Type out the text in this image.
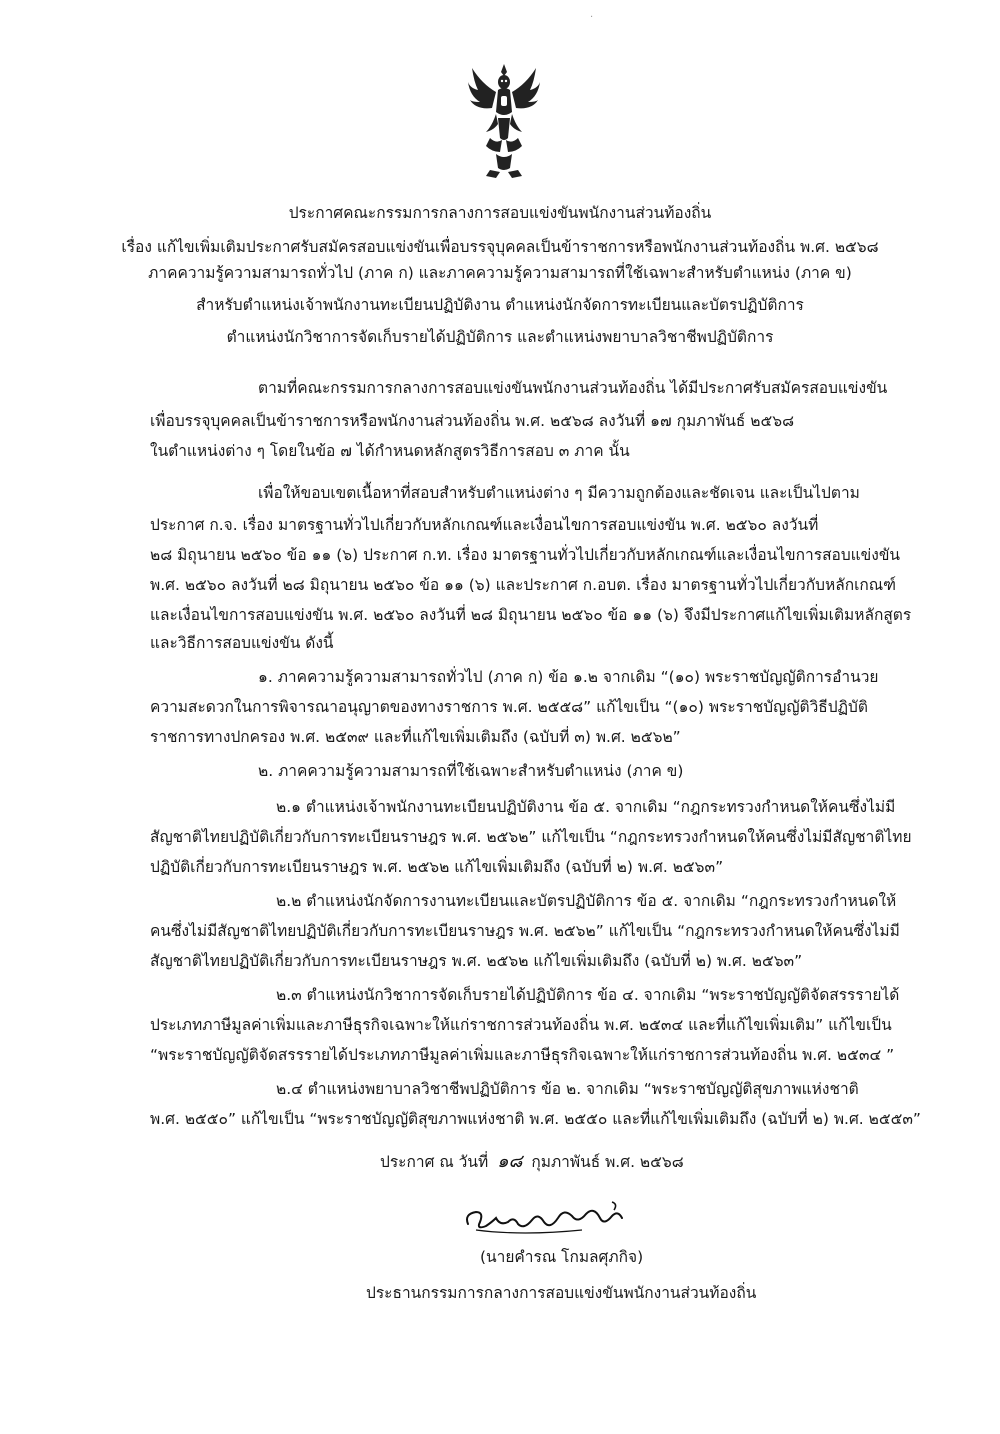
·
ประกาศคณะกรรมการกลางการสอบแข่งขันพนักงานส่วนท้องถิ่น
เรื่อง แก้ไขเพิ่มเติมประกาศรับสมัครสอบแข่งขันเพื่อบรรจุบุคคลเป็นข้าราชการหรือพนักงานส่วนท้องถิ่น พ.ศ. ๒๕๖๘
ภาคความรู้ความสามารถทั่วไป (ภาค ก) และภาคความรู้ความสามารถที่ใช้เฉพาะสำหรับตำแหน่ง (ภาค ข)
สำหรับตำแหน่งเจ้าพนักงานทะเบียนปฏิบัติงาน ตำแหน่งนักจัดการทะเบียนและบัตรปฏิบัติการ
ตำแหน่งนักวิชาการจัดเก็บรายได้ปฏิบัติการ และตำแหน่งพยาบาลวิชาชีพปฏิบัติการ
ตามที่คณะกรรมการกลางการสอบแข่งขันพนักงานส่วนท้องถิ่น ได้มีประกาศรับสมัครสอบแข่งขัน
เพื่อบรรจุบุคคลเป็นข้าราชการหรือพนักงานส่วนท้องถิ่น พ.ศ. ๒๕๖๘ ลงวันที่ ๑๗ กุมภาพันธ์ ๒๕๖๘
ในตำแหน่งต่าง ๆ โดยในข้อ ๗ ได้กำหนดหลักสูตรวิธีการสอบ ๓ ภาค นั้น
เพื่อให้ขอบเขตเนื้อหาที่สอบสำหรับตำแหน่งต่าง ๆ มีความถูกต้องและชัดเจน และเป็นไปตาม
ประกาศ ก.จ. เรื่อง มาตรฐานทั่วไปเกี่ยวกับหลักเกณฑ์และเงื่อนไขการสอบแข่งขัน พ.ศ. ๒๕๖๐ ลงวันที่
๒๘ มิถุนายน ๒๕๖๐ ข้อ ๑๑ (๖) ประกาศ ก.ท. เรื่อง มาตรฐานทั่วไปเกี่ยวกับหลักเกณฑ์และเงื่อนไขการสอบแข่งขัน
พ.ศ. ๒๕๖๐ ลงวันที่ ๒๘ มิถุนายน ๒๕๖๐ ข้อ ๑๑ (๖) และประกาศ ก.อบต. เรื่อง มาตรฐานทั่วไปเกี่ยวกับหลักเกณฑ์
และเงื่อนไขการสอบแข่งขัน พ.ศ. ๒๕๖๐ ลงวันที่ ๒๘ มิถุนายน ๒๕๖๐ ข้อ ๑๑ (๖) จึงมีประกาศแก้ไขเพิ่มเติมหลักสูตร
และวิธีการสอบแข่งขัน ดังนี้
๑. ภาคความรู้ความสามารถทั่วไป (ภาค ก) ข้อ ๑.๒ จากเดิม “(๑๐) พระราชบัญญัติการอำนวย
ความสะดวกในการพิจารณาอนุญาตของทางราชการ พ.ศ. ๒๕๕๘” แก้ไขเป็น “(๑๐) พระราชบัญญัติวิธีปฏิบัติ
ราชการทางปกครอง พ.ศ. ๒๕๓๙ และที่แก้ไขเพิ่มเติมถึง (ฉบับที่ ๓) พ.ศ. ๒๕๖๒”
๒. ภาคความรู้ความสามารถที่ใช้เฉพาะสำหรับตำแหน่ง (ภาค ข)
๒.๑ ตำแหน่งเจ้าพนักงานทะเบียนปฏิบัติงาน ข้อ ๕. จากเดิม “กฎกระทรวงกำหนดให้คนซึ่งไม่มี
สัญชาติไทยปฏิบัติเกี่ยวกับการทะเบียนราษฎร พ.ศ. ๒๕๖๒” แก้ไขเป็น “กฎกระทรวงกำหนดให้คนซึ่งไม่มีสัญชาติไทย
ปฏิบัติเกี่ยวกับการทะเบียนราษฎร พ.ศ. ๒๕๖๒ แก้ไขเพิ่มเติมถึง (ฉบับที่ ๒) พ.ศ. ๒๕๖๓”
๒.๒ ตำแหน่งนักจัดการงานทะเบียนและบัตรปฏิบัติการ ข้อ ๕. จากเดิม “กฎกระทรวงกำหนดให้
คนซึ่งไม่มีสัญชาติไทยปฏิบัติเกี่ยวกับการทะเบียนราษฎร พ.ศ. ๒๕๖๒” แก้ไขเป็น “กฎกระทรวงกำหนดให้คนซึ่งไม่มี
สัญชาติไทยปฏิบัติเกี่ยวกับการทะเบียนราษฎร พ.ศ. ๒๕๖๒ แก้ไขเพิ่มเติมถึง (ฉบับที่ ๒) พ.ศ. ๒๕๖๓”
๒.๓ ตำแหน่งนักวิชาการจัดเก็บรายได้ปฏิบัติการ ข้อ ๔. จากเดิม “พระราชบัญญัติจัดสรรรายได้
ประเภทภาษีมูลค่าเพิ่มและภาษีธุรกิจเฉพาะให้แก่ราชการส่วนท้องถิ่น พ.ศ. ๒๕๓๔ และที่แก้ไขเพิ่มเติม” แก้ไขเป็น
“พระราชบัญญัติจัดสรรรายได้ประเภทภาษีมูลค่าเพิ่มและภาษีธุรกิจเฉพาะให้แก่ราชการส่วนท้องถิ่น พ.ศ. ๒๕๓๔ ”
๒.๔ ตำแหน่งพยาบาลวิชาชีพปฏิบัติการ ข้อ ๒. จากเดิม “พระราชบัญญัติสุขภาพแห่งชาติ
พ.ศ. ๒๕๕๐” แก้ไขเป็น “พระราชบัญญัติสุขภาพแห่งชาติ พ.ศ. ๒๕๕๐ และที่แก้ไขเพิ่มเติมถึง (ฉบับที่ ๒) พ.ศ. ๒๕๕๓”
ประกาศ ณ วันที่ ๑๘ กุมภาพันธ์ พ.ศ. ๒๕๖๘
(นายคำรณ โกมลศุภกิจ)
ประธานกรรมการกลางการสอบแข่งขันพนักงานส่วนท้องถิ่น
